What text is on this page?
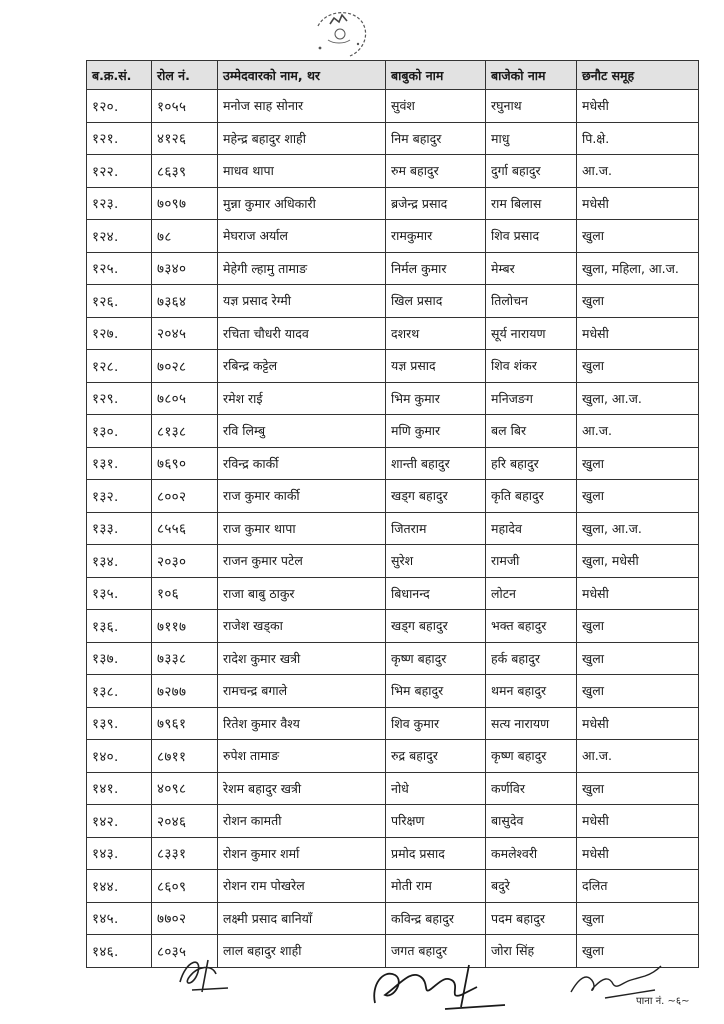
ब.क्र.सं.	रोल नं.	उम्मेदवारको नाम, थर	बाबुको नाम	बाजेको नाम	छनौट समूह
१२०.	१०५५	मनोज साह सोनार	सुवंश	रघुनाथ	मधेसी
१२१.	४१२६	महेन्द्र बहादुर शाही	निम बहादुर	माधु	पि.क्षे.
१२२.	८६३९	माधव थापा	रुम बहादुर	दुर्गा बहादुर	आ.ज.
१२३.	७०९७	मुन्ना कुमार अधिकारी	ब्रजेन्द्र प्रसाद	राम बिलास	मधेसी
१२४.	७८	मेघराज अर्याल	रामकुमार	शिव प्रसाद	खुला
१२५.	७३४०	मेहेगी ल्हामु तामाङ	निर्मल कुमार	मेम्बर	खुला, महिला, आ.ज.
१२६.	७३६४	यज्ञ प्रसाद रेग्मी	खिल प्रसाद	तिलोचन	खुला
१२७.	२०४५	रचिता चौधरी यादव	दशरथ	सूर्य नारायण	मधेसी
१२८.	७०२८	रबिन्द्र कट्टेल	यज्ञ प्रसाद	शिव शंकर	खुला
१२९.	७८०५	रमेश राई	भिम कुमार	मनिजङग	खुला, आ.ज.
१३०.	८१३८	रवि लिम्बु	मणि कुमार	बल बिर	आ.ज.
१३१.	७६९०	रविन्द्र कार्की	शान्ती बहादुर	हरि बहादुर	खुला
१३२.	८००२	राज कुमार कार्की	खड्ग बहादुर	कृति बहादुर	खुला
१३३.	८५५६	राज कुमार थापा	जितराम	महादेव	खुला, आ.ज.
१३४.	२०३०	राजन कुमार पटेल	सुरेश	रामजी	खुला, मधेसी
१३५.	१०६	राजा बाबु ठाकुर	बिधानन्द	लोटन	मधेसी
१३६.	७११७	राजेश खड्का	खड्ग बहादुर	भक्त बहादुर	खुला
१३७.	७३३८	रादेश कुमार खत्री	कृष्ण बहादुर	हर्क बहादुर	खुला
१३८.	७२७७	रामचन्द्र बगाले	भिम बहादुर	थमन बहादुर	खुला
१३९.	७९६१	रितेश कुमार वैश्य	शिव कुमार	सत्य नारायण	मधेसी
१४०.	८७११	रुपेश तामाङ	रुद्र बहादुर	कृष्ण बहादुर	आ.ज.
१४१.	४०९८	रेशम बहादुर खत्री	नोधे	कर्णविर	खुला
१४२.	२०४६	रोशन कामती	परिक्षण	बासुदेव	मधेसी
१४३.	८३३१	रोशन कुमार शर्मा	प्रमोद प्रसाद	कमलेश्वरी	मधेसी
१४४.	८६०९	रोशन राम पोखरेल	मोती राम	बदुरे	दलित
१४५.	७७०२	लक्ष्मी प्रसाद बानियाँ	कविन्द्र बहादुर	पदम बहादुर	खुला
१४६.	८०३५	लाल बहादुर शाही	जगत बहादुर	जोरा सिंह	खुला
पाना नं. ~६~
